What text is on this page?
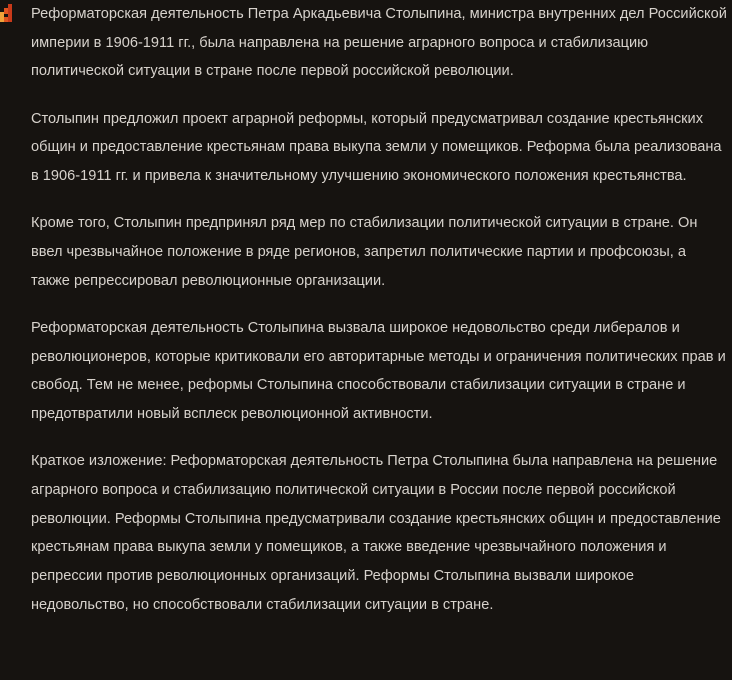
Реформаторская деятельность Петра Аркадьевича Столыпина, министра внутренних дел Российской империи в 1906-1911 гг., была направлена на решение аграрного вопроса и стабилизацию политической ситуации в стране после первой российской революции.

Столыпин предложил проект аграрной реформы, который предусматривал создание крестьянских общин и предоставление крестьянам права выкупа земли у помещиков. Реформа была реализована в 1906-1911 гг. и привела к значительному улучшению экономического положения крестьянства.

Кроме того, Столыпин предпринял ряд мер по стабилизации политической ситуации в стране. Он ввел чрезвычайное положение в ряде регионов, запретил политические партии и профсоюзы, а также репрессировал революционные организации.

Реформаторская деятельность Столыпина вызвала широкое недовольство среди либералов и революционеров, которые критиковали его авторитарные методы и ограничения политических прав и свобод. Тем не менее, реформы Столыпина способствовали стабилизации ситуации в стране и предотвратили новый всплеск революционной активности.

Краткое изложение: Реформаторская деятельность Петра Столыпина была направлена на решение аграрного вопроса и стабилизацию политической ситуации в России после первой российской революции. Реформы Столыпина предусматривали создание крестьянских общин и предоставление крестьянам права выкупа земли у помещиков, а также введение чрезвычайного положения и репрессии против революционных организаций. Реформы Столыпина вызвали широкое недовольство, но способствовали стабилизации ситуации в стране.
